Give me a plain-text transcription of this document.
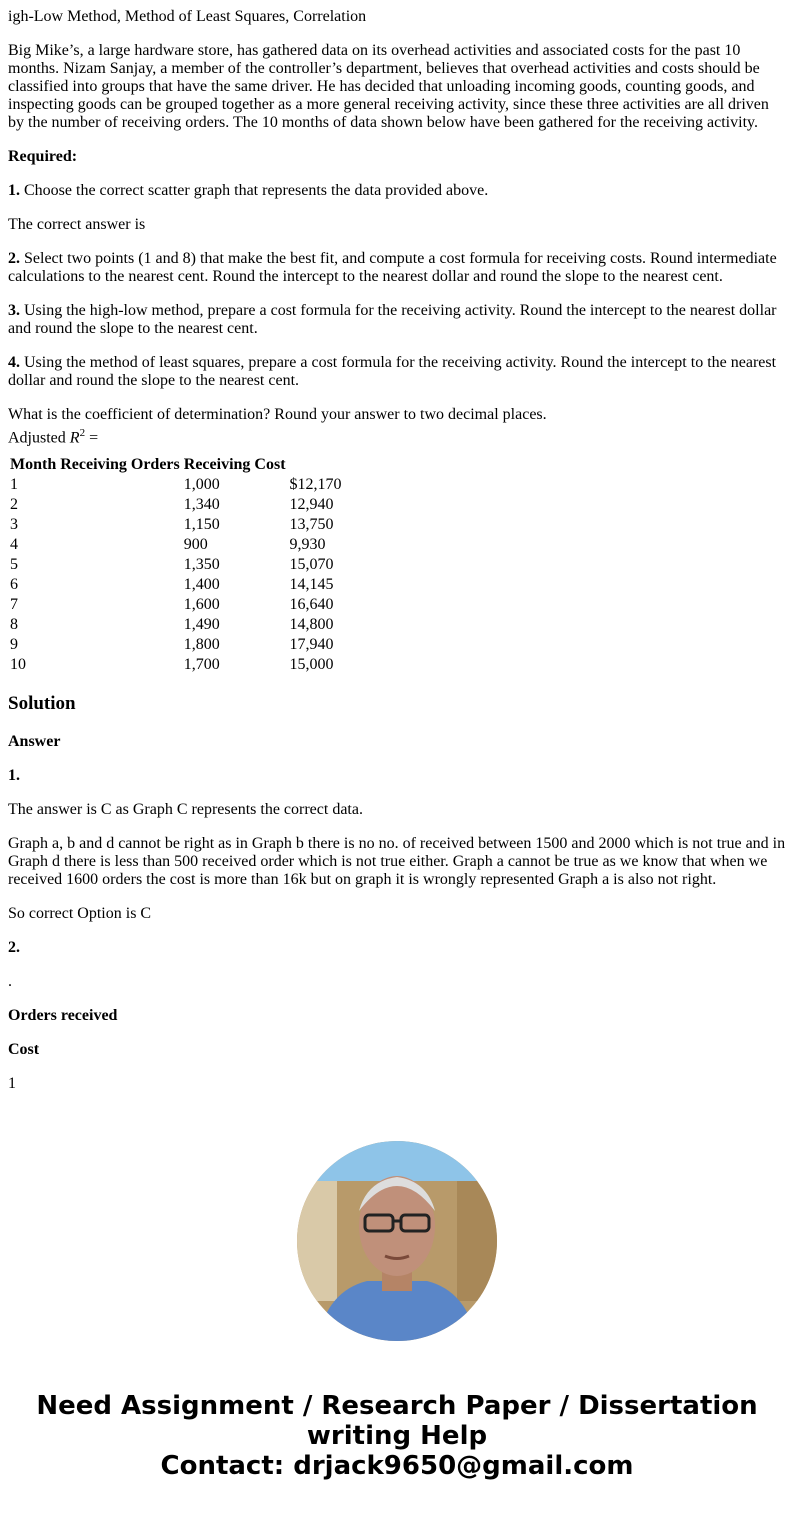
igh-Low Method, Method of Least Squares, Correlation

Big Mike’s, a large hardware store, has gathered data on its overhead activities and associated costs for the past 10 months. Nizam Sanjay, a member of the controller’s department, believes that overhead activities and costs should be classified into groups that have the same driver. He has decided that unloading incoming goods, counting goods, and inspecting goods can be grouped together as a more general receiving activity, since these three activities are all driven by the number of receiving orders. The 10 months of data shown below have been gathered for the receiving activity.

Required:

1. Choose the correct scatter graph that represents the data provided above.

The correct answer is

2. Select two points (1 and 8) that make the best fit, and compute a cost formula for receiving costs. Round intermediate calculations to the nearest cent. Round the intercept to the nearest dollar and round the slope to the nearest cent.

3. Using the high-low method, prepare a cost formula for the receiving activity. Round the intercept to the nearest dollar and round the slope to the nearest cent.

4. Using the method of least squares, prepare a cost formula for the receiving activity. Round the intercept to the nearest dollar and round the slope to the nearest cent.

What is the coefficient of determination? Round your answer to two decimal places.
Adjusted $R^2$ =

Month	Receiving Orders	Receiving Cost	
1		1,000	$12,170
2		1,340	12,940
3		1,150	13,750
4		900	9,930
5		1,350	15,070
6		1,400	14,145
7		1,600	16,640
8		1,490	14,800
9		1,800	17,940
10		1,700	15,000
Solution

Answer

1.

The answer is C as Graph C represents the correct data.

Graph a, b and d cannot be right as in Graph b there is no no. of received between 1500 and 2000 which is not true and in Graph d there is less than 500 received order which is not true either. Graph a cannot be true as we know that when we received 1600 orders the cost is more than 16k but on graph it is wrongly represented Graph a is also not right.

So correct Option is C

2.

.

Orders received

Cost

1

Need Assignment / Research Paper / Dissertation writing Help
Contact: drjack9650@gmail.com
